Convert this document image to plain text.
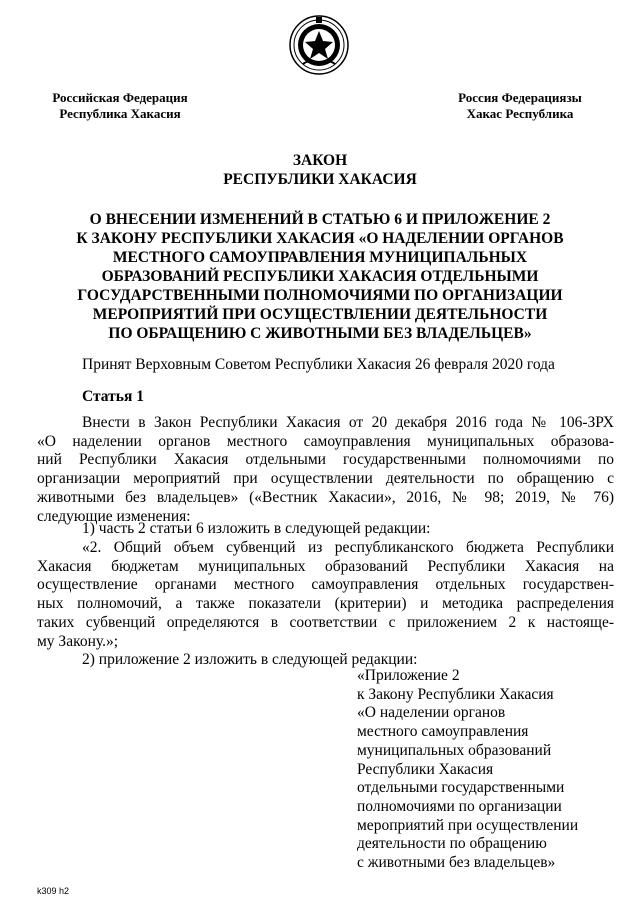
Российская Федерация
Республика Хакасия
Россия Федерациязы
Хакас Республика
ЗАКОН
РЕСПУБЛИКИ ХАКАСИЯ
О ВНЕСЕНИИ ИЗМЕНЕНИЙ В СТАТЬЮ 6 И ПРИЛОЖЕНИЕ 2
К ЗАКОНУ РЕСПУБЛИКИ ХАКАСИЯ «О НАДЕЛЕНИИ ОРГАНОВ
МЕСТНОГО САМОУПРАВЛЕНИЯ МУНИЦИПАЛЬНЫХ
ОБРАЗОВАНИЙ РЕСПУБЛИКИ ХАКАСИЯ ОТДЕЛЬНЫМИ
ГОСУДАРСТВЕННЫМИ ПОЛНОМОЧИЯМИ ПО ОРГАНИЗАЦИИ
МЕРОПРИЯТИЙ ПРИ ОСУЩЕСТВЛЕНИИ ДЕЯТЕЛЬНОСТИ
ПО ОБРАЩЕНИЮ С ЖИВОТНЫМИ БЕЗ ВЛАДЕЛЬЦЕВ»
Принят Верховным Советом Республики Хакасия 26 февраля 2020 года
Статья 1
Внести в Закон Республики Хакасия от 20 декабря 2016 года № 106-ЗРХ
«О наделении органов местного самоуправления муниципальных образова-
ний Республики Хакасия отдельными государственными полномочиями по
организации мероприятий при осуществлении деятельности по обращению с
животными без владельцев» («Вестник Хакасии», 2016, № 98; 2019, № 76)
следующие изменения:
1) часть 2 статьи 6 изложить в следующей редакции:
«2. Общий объем субвенций из республиканского бюджета Республики
Хакасия бюджетам муниципальных образований Республики Хакасия на
осуществление органами местного самоуправления отдельных государствен-
ных полномочий, а также показатели (критерии) и методика распределения
таких субвенций определяются в соответствии с приложением 2 к настояще-
му Закону.»;
2) приложение 2 изложить в следующей редакции:
«Приложение 2
к Закону Республики Хакасия
«О наделении органов
местного самоуправления
муниципальных образований
Республики Хакасия
отдельными государственными
полномочиями по организации
мероприятий при осуществлении
деятельности по обращению
с животными без владельцев»
k309 h2
